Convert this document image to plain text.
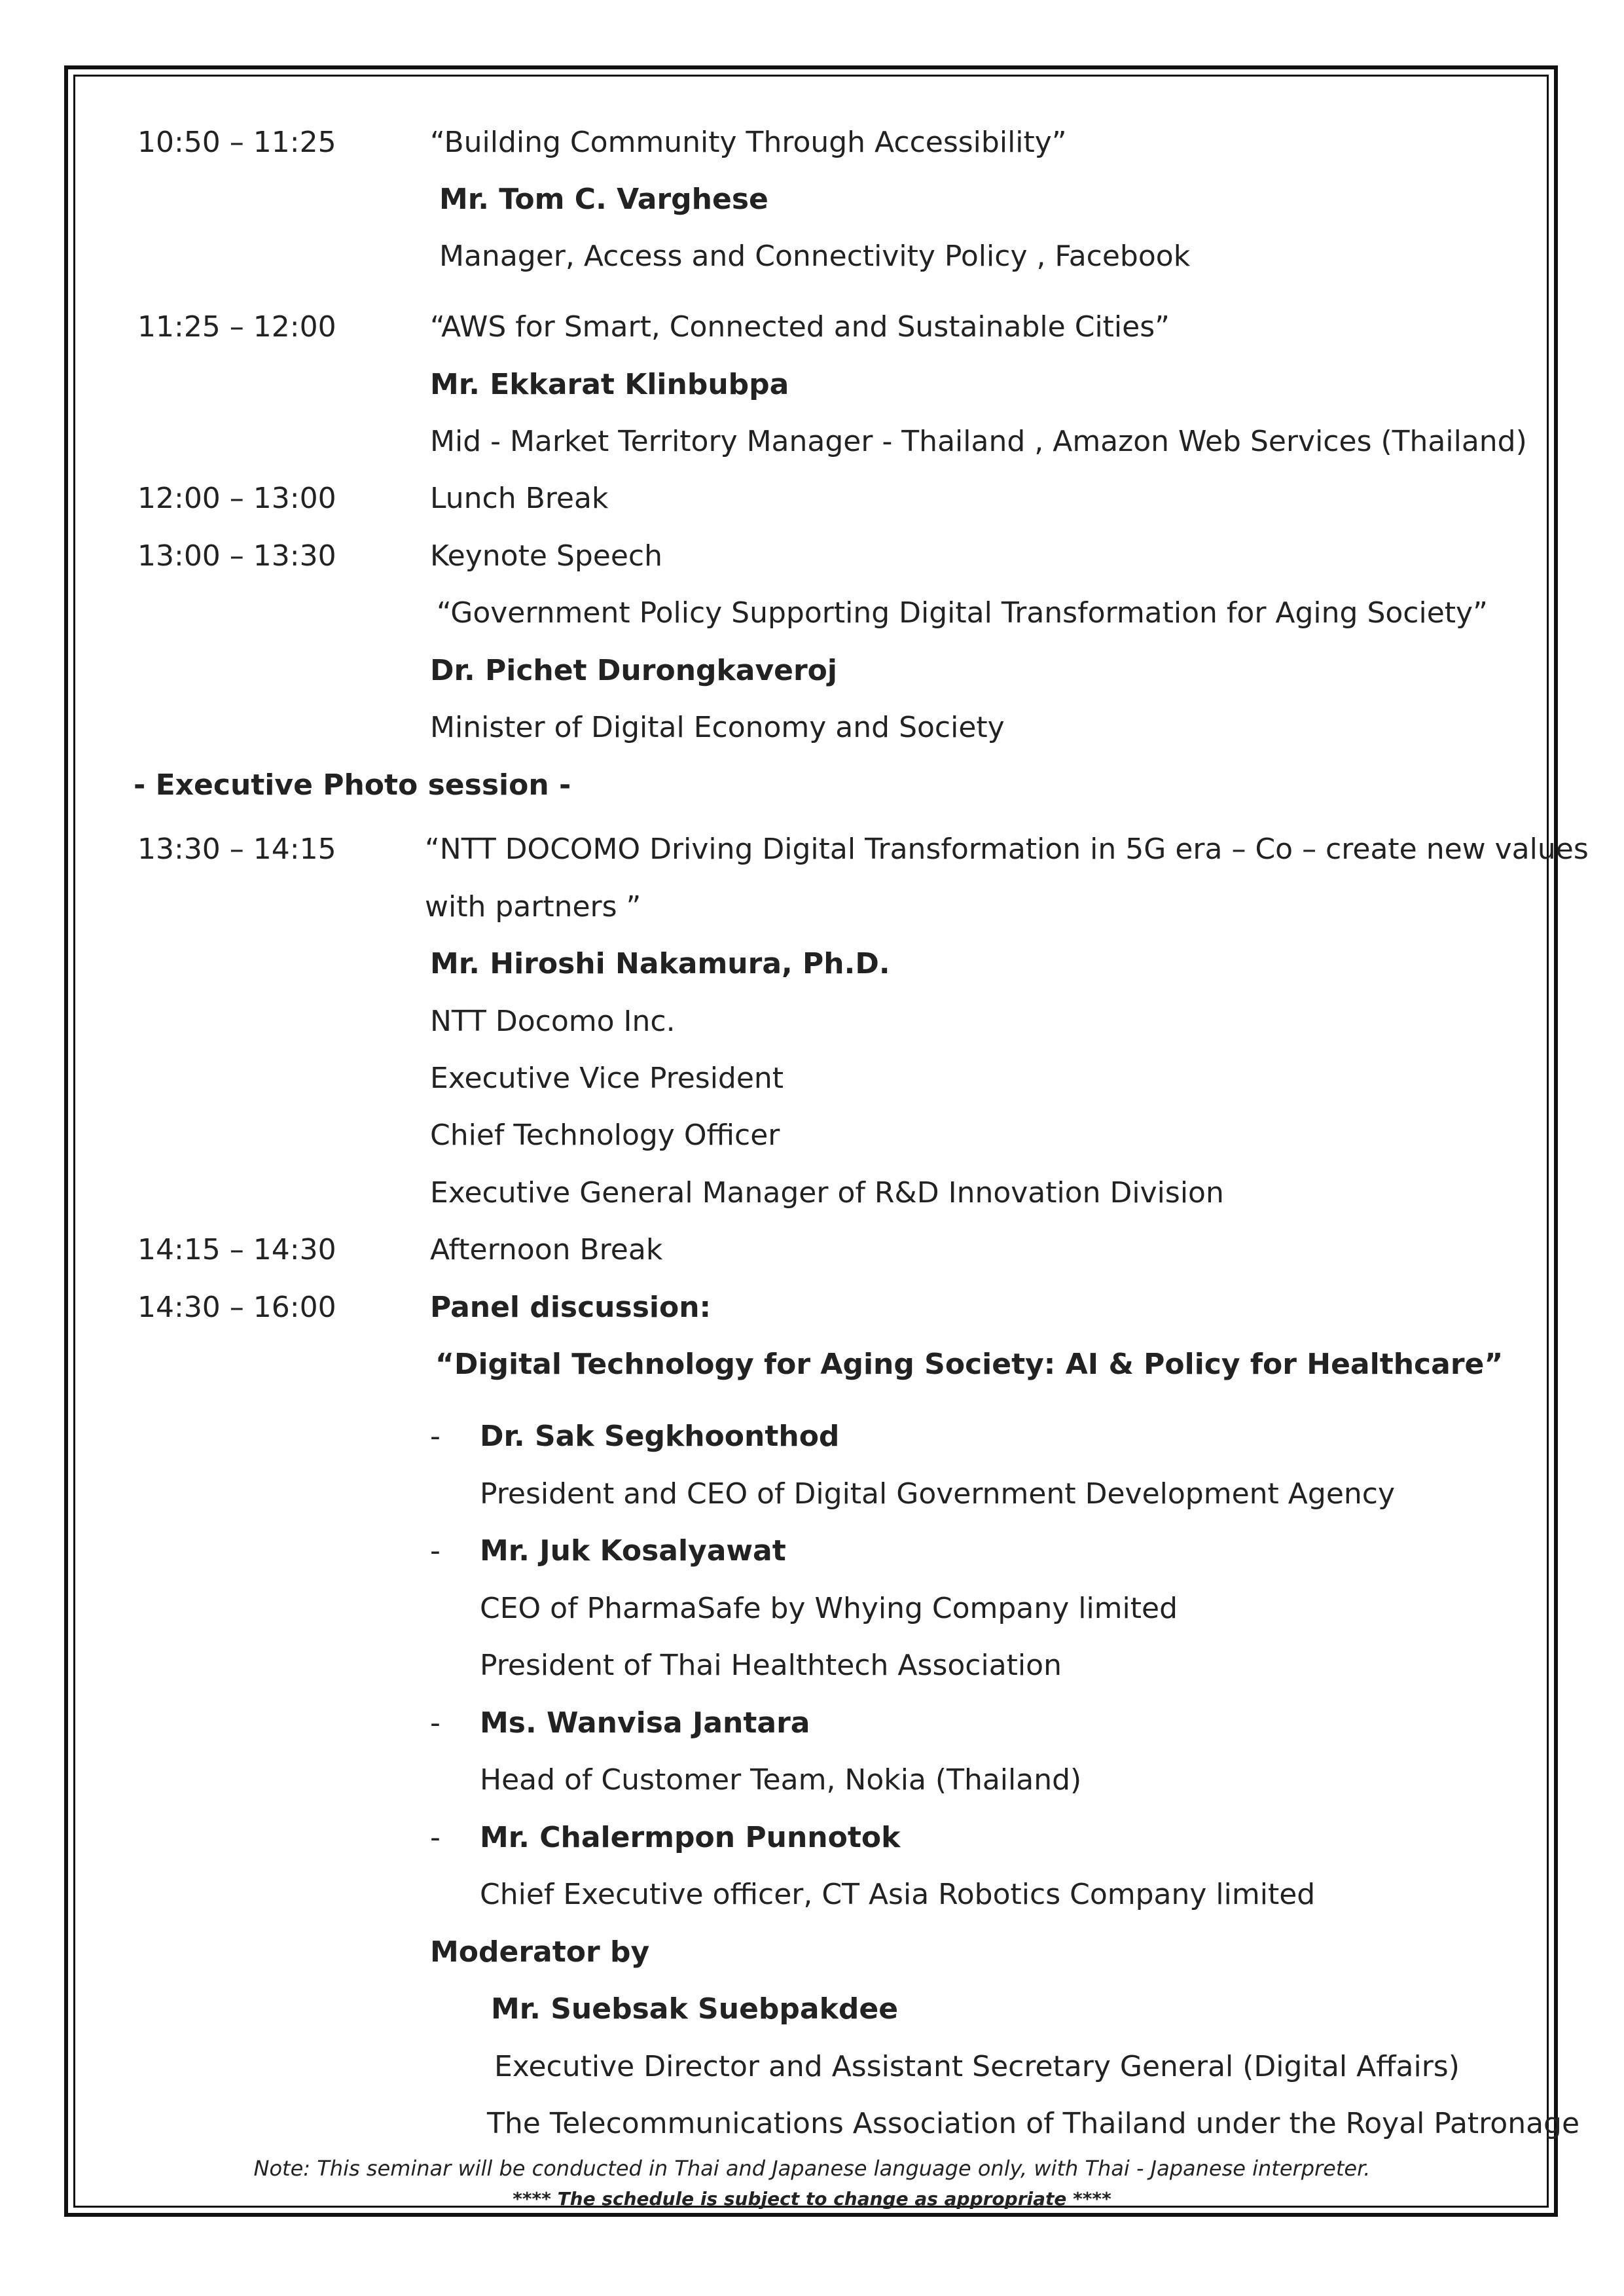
10:50 – 11:25	“Building Community Through Accessibility”

Mr. Tom C. Varghese

Manager, Access and Connectivity Policy , Facebook

11:25 – 12:00	“AWS for Smart, Connected and Sustainable Cities”

Mr. Ekkarat Klinbubpa

Mid - Market Territory Manager - Thailand , Amazon Web Services (Thailand)

12:00 – 13:00	Lunch Break

13:00 – 13:30	Keynote Speech

“Government Policy Supporting Digital Transformation for Aging Society”

Dr. Pichet Durongkaveroj

Minister of Digital Economy and Society

- Executive Photo session -

13:30 – 14:15	“NTT DOCOMO Driving Digital Transformation in 5G era – Co – create new values

with partners ”

Mr. Hiroshi Nakamura, Ph.D.

NTT Docomo Inc.

Executive Vice President

Chief Technology Officer

Executive General Manager of R&D Innovation Division

14:15 – 14:30	Afternoon Break

14:30 – 16:00	Panel discussion:

“Digital Technology for Aging Society: AI & Policy for Healthcare”

- Dr. Sak Segkhoonthod

President and CEO of Digital Government Development Agency

- Mr. Juk Kosalyawat

CEO of PharmaSafe by Whying Company limited

President of Thai Healthtech Association

- Ms. Wanvisa Jantara

Head of Customer Team, Nokia (Thailand)

- Mr. Chalermpon Punnotok

Chief Executive officer, CT Asia Robotics Company limited

Moderator by

Mr. Suebsak Suebpakdee

Executive Director and Assistant Secretary General (Digital Affairs)

The Telecommunications Association of Thailand under the Royal Patronage

Note: This seminar will be conducted in Thai and Japanese language only, with Thai - Japanese interpreter.

**** The schedule is subject to change as appropriate ****
